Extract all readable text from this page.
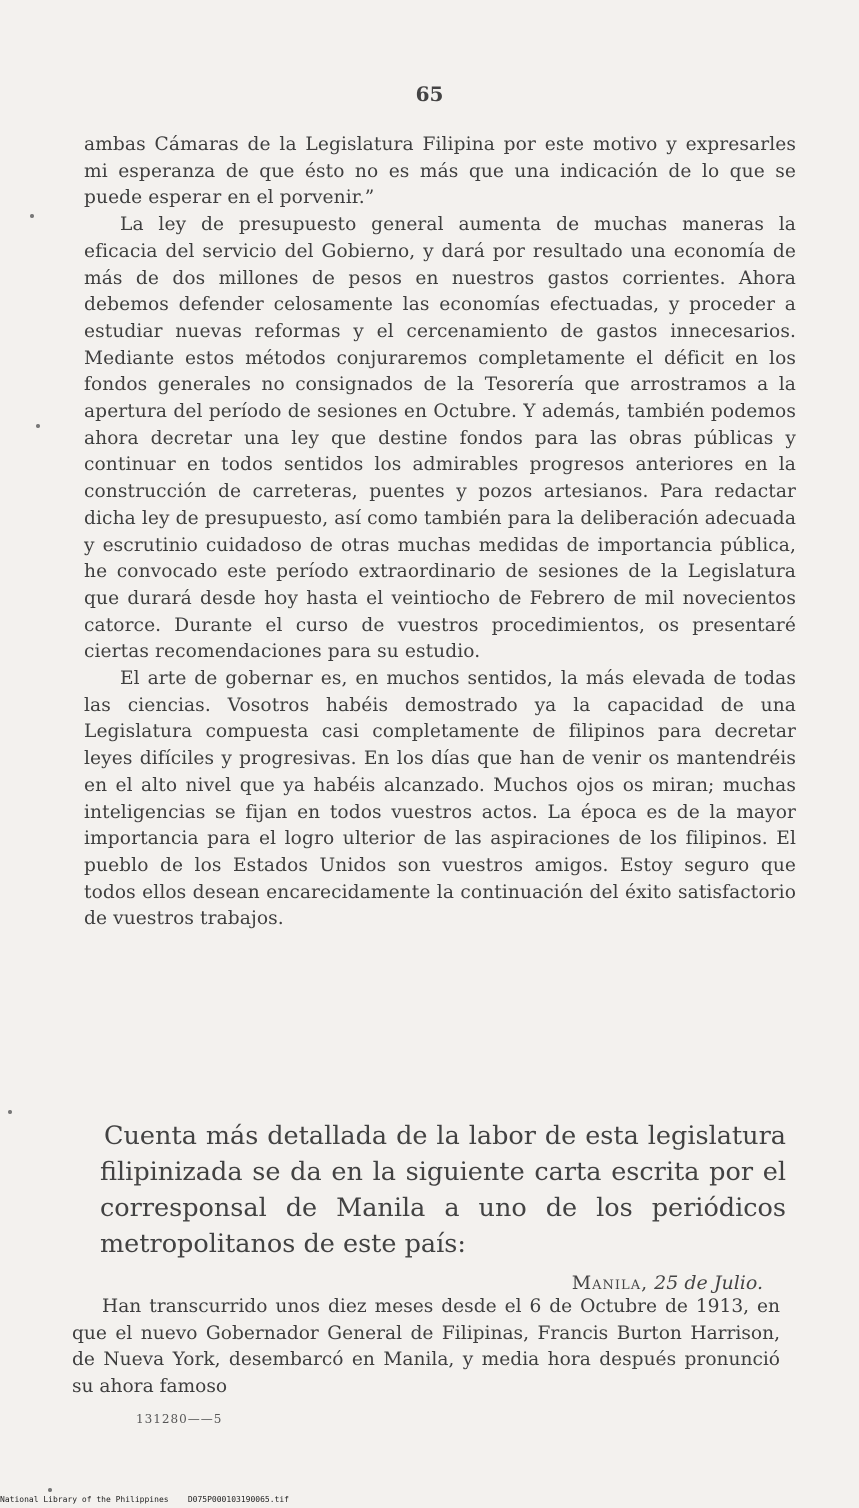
65

ambas Cámaras de la Legislatura Filipina por este motivo y expresarles mi esperanza de que ésto no es más que una indicación de lo que se puede esperar en el porvenir.”

La ley de presupuesto general aumenta de muchas maneras la eficacia del servicio del Gobierno, y dará por resultado una economía de más de dos millones de pesos en nuestros gastos corrientes. Ahora debemos defender celosamente las economías efectuadas, y proceder a estudiar nuevas reformas y el cercenamiento de gastos innecesarios. Mediante estos métodos conjuraremos completamente el déficit en los fondos generales no consignados de la Tesorería que arrostramos a la apertura del período de sesiones en Octubre. Y además, también podemos ahora decretar una ley que destine fondos para las obras públicas y continuar en todos sentidos los admirables progresos anteriores en la construcción de carreteras, puentes y pozos artesianos. Para redactar dicha ley de presupuesto, así como también para la deliberación adecuada y escrutinio cuidadoso de otras muchas medidas de importancia pública, he convocado este período extraordinario de sesiones de la Legislatura que durará desde hoy hasta el veintiocho de Febrero de mil novecientos catorce. Durante el curso de vuestros procedimientos, os presentaré ciertas recomendaciones para su estudio.

El arte de gobernar es, en muchos sentidos, la más elevada de todas las ciencias. Vosotros habéis demostrado ya la capacidad de una Legislatura compuesta casi completamente de filipinos para decretar leyes difíciles y progresivas. En los días que han de venir os mantendréis en el alto nivel que ya habéis alcanzado. Muchos ojos os miran; muchas inteligencias se fijan en todos vuestros actos. La época es de la mayor importancia para el logro ulterior de las aspiraciones de los filipinos. El pueblo de los Estados Unidos son vuestros amigos. Estoy seguro que todos ellos desean encarecidamente la continuación del éxito satisfactorio de vuestros trabajos.

Cuenta más detallada de la labor de esta legislatura filipinizada se da en la siguiente carta escrita por el corresponsal de Manila a uno de los periódicos metropolitanos de este país:

Manila, 25 de Julio.

Han transcurrido unos diez meses desde el 6 de Octubre de 1913, en que el nuevo Gobernador General de Filipinas, Francis Burton Harrison, de Nueva York, desembarcó en Manila, y media hora después pronunció su ahora famoso

131280——5
National Library of the Philippines D075P000103190065.tif
